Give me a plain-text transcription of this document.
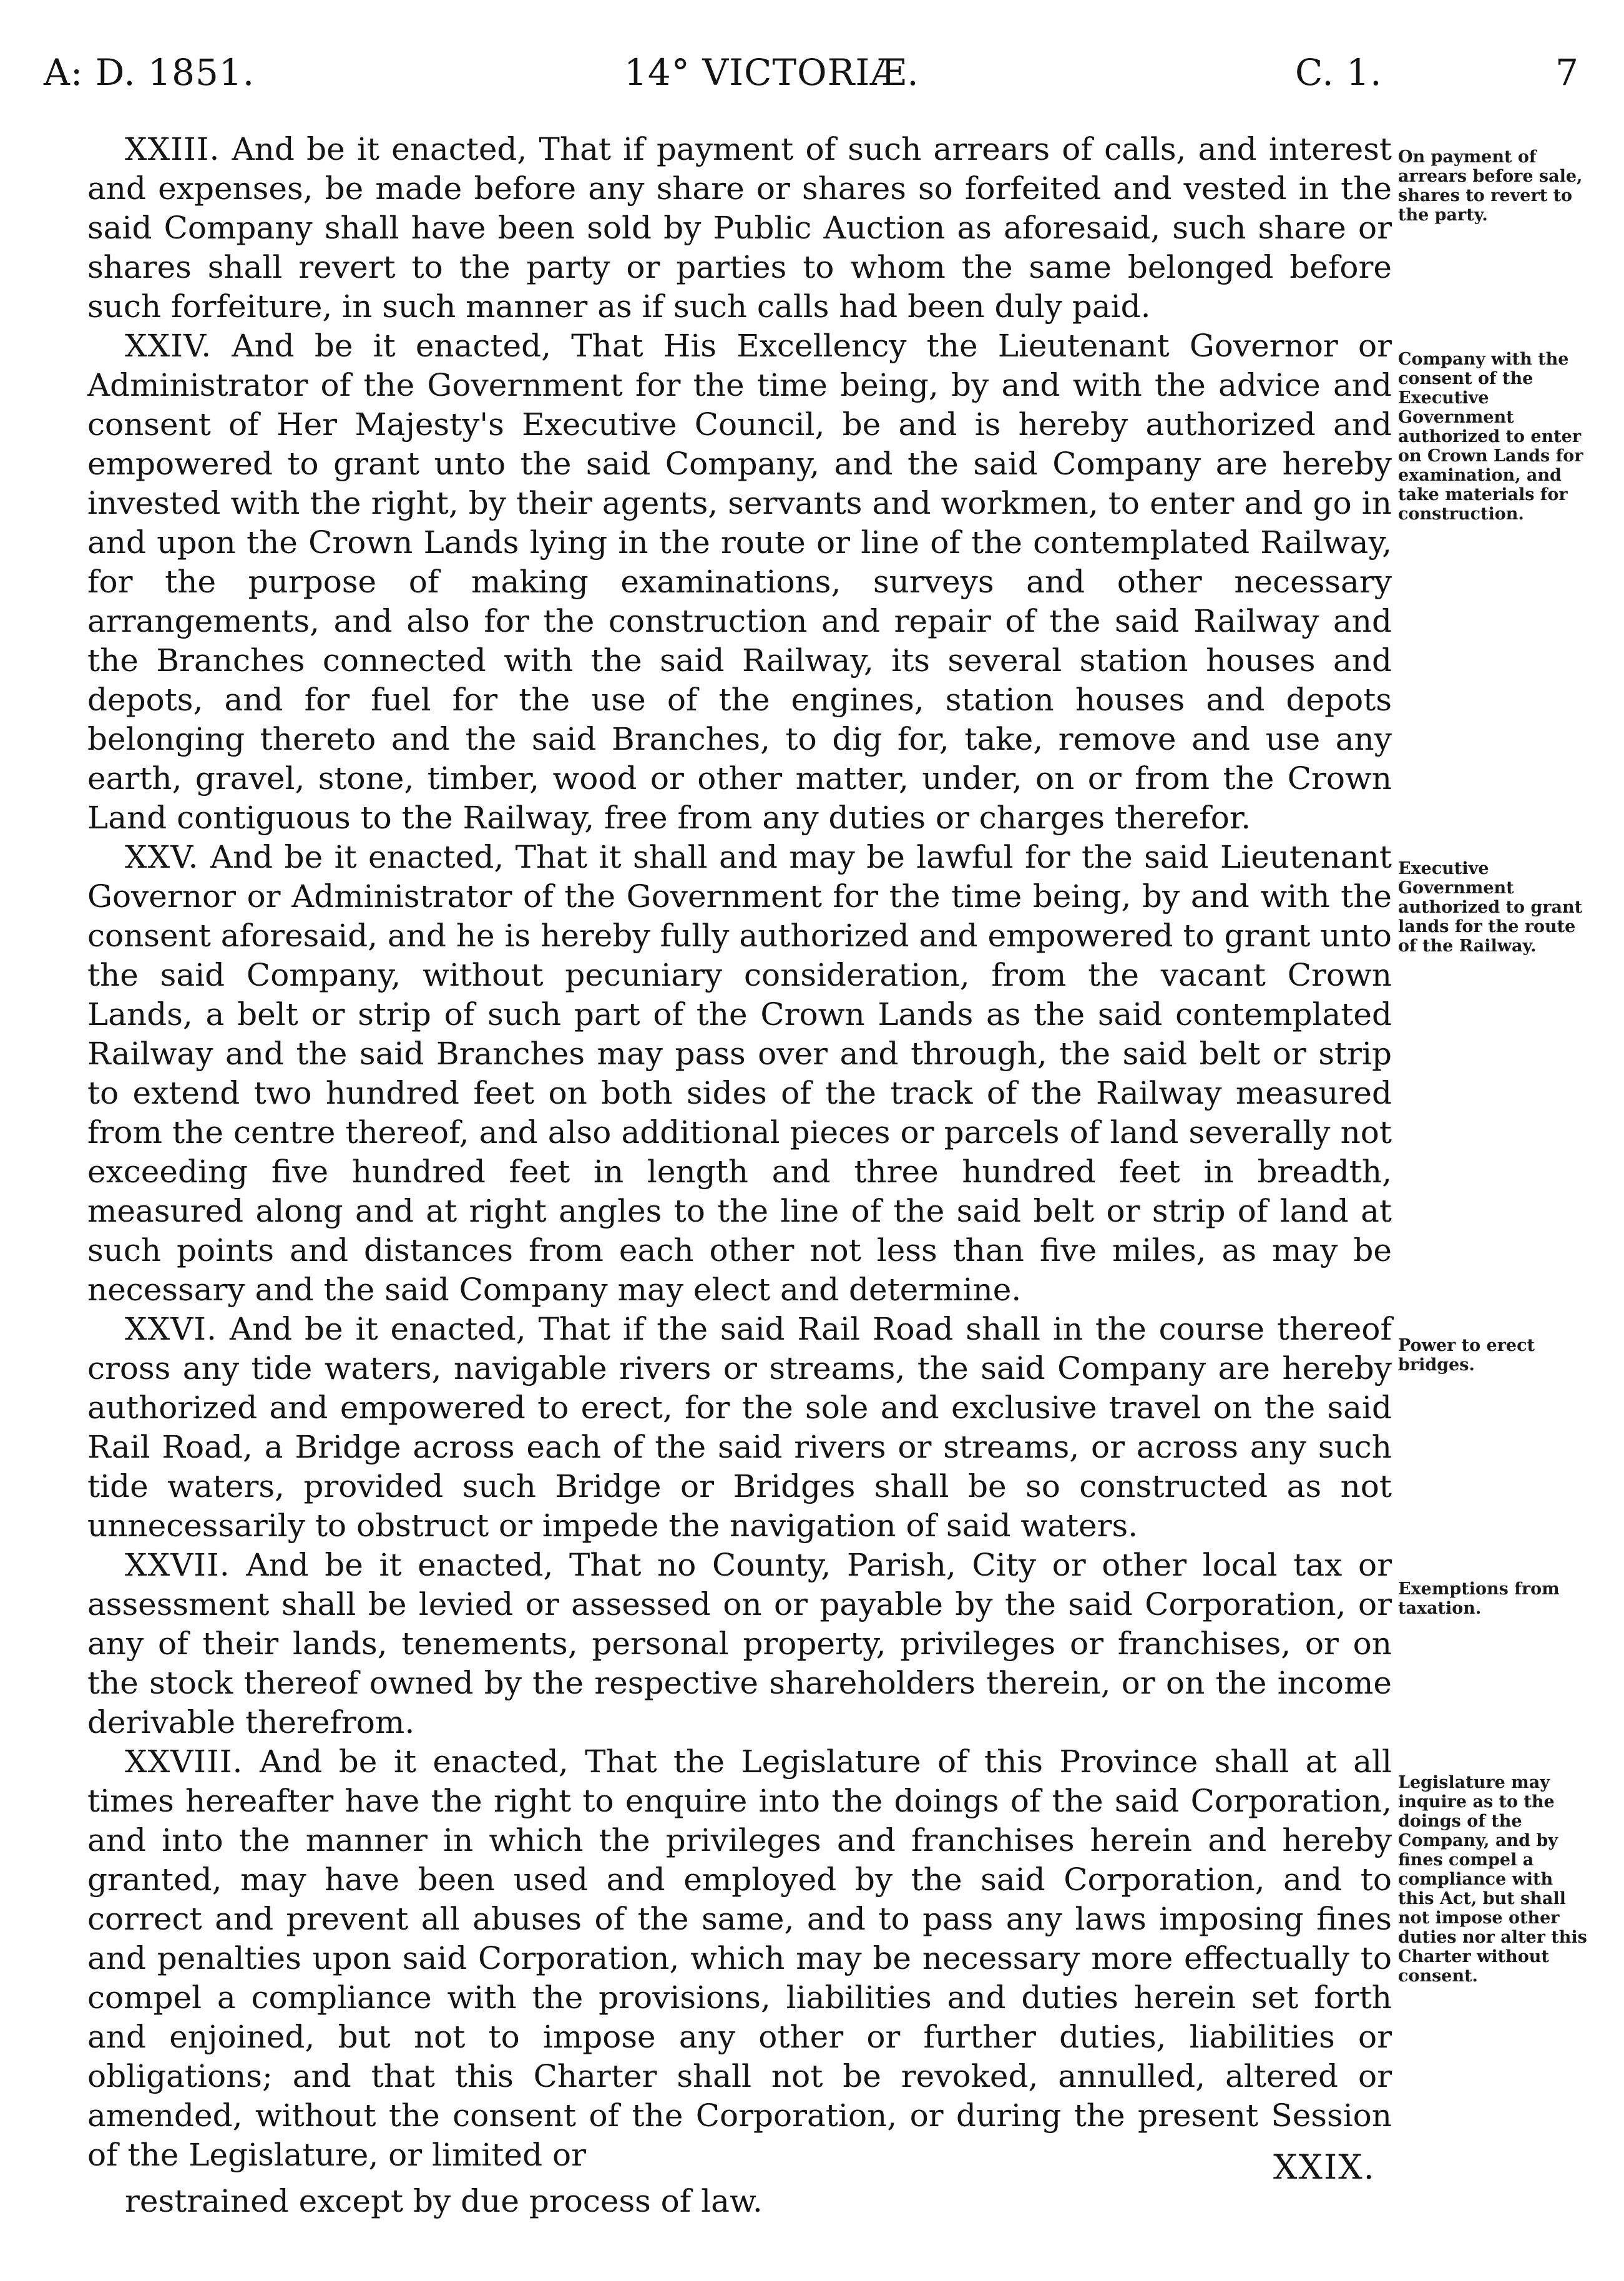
A: D. 1851.	14° VICTORIÆ.	C. 1.	7

XXIII. And be it enacted, That if payment of such arrears of calls, and interest and expenses, be made before any share or shares so forfeited and vested in the said Company shall have been sold by Public Auction as aforesaid, such share or shares shall revert to the party or parties to whom the same belonged before such forfeiture, in such manner as if such calls had been duly paid.

XXIV. And be it enacted, That His Excellency the Lieutenant Governor or Administrator of the Government for the time being, by and with the advice and consent of Her Majesty's Executive Council, be and is hereby authorized and empowered to grant unto the said Company, and the said Company are hereby invested with the right, by their agents, servants and workmen, to enter and go in and upon the Crown Lands lying in the route or line of the contemplated Railway, for the purpose of making examinations, surveys and other necessary arrangements, and also for the construction and repair of the said Railway and the Branches connected with the said Railway, its several station houses and depots, and for fuel for the use of the engines, station houses and depots belonging thereto and the said Branches, to dig for, take, remove and use any earth, gravel, stone, timber, wood or other matter, under, on or from the Crown Land contiguous to the Railway, free from any duties or charges therefor.

XXV. And be it enacted, That it shall and may be lawful for the said Lieutenant Governor or Administrator of the Government for the time being, by and with the consent aforesaid, and he is hereby fully authorized and empowered to grant unto the said Company, without pecuniary consideration, from the vacant Crown Lands, a belt or strip of such part of the Crown Lands as the said contemplated Railway and the said Branches may pass over and through, the said belt or strip to extend two hundred feet on both sides of the track of the Railway measured from the centre thereof, and also additional pieces or parcels of land severally not exceeding five hundred feet in length and three hundred feet in breadth, measured along and at right angles to the line of the said belt or strip of land at such points and distances from each other not less than five miles, as may be necessary and the said Company may elect and determine.

XXVI. And be it enacted, That if the said Rail Road shall in the course thereof cross any tide waters, navigable rivers or streams, the said Company are hereby authorized and empowered to erect, for the sole and exclusive travel on the said Rail Road, a Bridge across each of the said rivers or streams, or across any such tide waters, provided such Bridge or Bridges shall be so constructed as not unnecessarily to obstruct or impede the navigation of said waters.

XXVII. And be it enacted, That no County, Parish, City or other local tax or assessment shall be levied or assessed on or payable by the said Corporation, or any of their lands, tenements, personal property, privileges or franchises, or on the stock thereof owned by the respective shareholders therein, or on the income derivable therefrom.

XXVIII. And be it enacted, That the Legislature of this Province shall at all times hereafter have the right to enquire into the doings of the said Corporation, and into the manner in which the privileges and franchises herein and hereby granted, may have been used and employed by the said Corporation, and to correct and prevent all abuses of the same, and to pass any laws imposing fines and penalties upon said Corporation, which may be necessary more effectually to compel a compliance with the provisions, liabilities and duties herein set forth and enjoined, but not to impose any other or further duties, liabilities or obligations; and that this Charter shall not be revoked, annulled, altered or amended, without the consent of the Corporation, or during the present Session of the Legislature, or limited or	XXIX.
restrained except by due process of law.
On payment of arrears before sale, shares to revert to the party.
Company with the consent of the Executive Government authorized to enter on Crown Lands for examination, and take materials for construction.
Executive Government authorized to grant lands for the route of the Railway.
Power to erect bridges.
Exemptions from taxation.
Legislature may inquire as to the doings of the Company, and by fines compel a compliance with this Act, but shall not impose other duties nor alter this Charter without consent.
